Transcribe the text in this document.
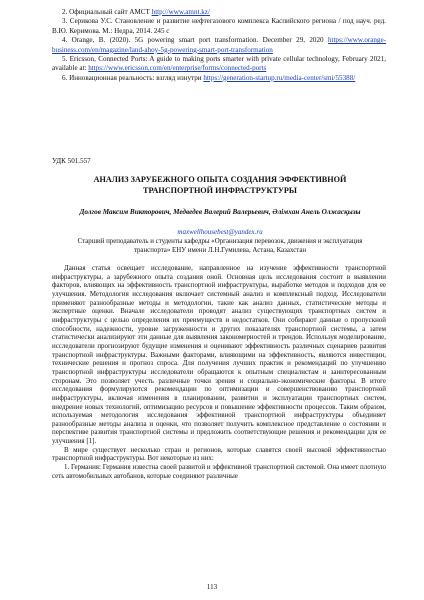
2. Официальный сайт АМСТ http://www.amnt.kz/

3. Серикова У.С. Становление и развитие нефтегазового комплекса Каспийского региона / под науч. ред. В.Ю. Керимова. М.: Недра, 2014. 245 с

4. Orange, B. (2020). 5G powering smart port transformation. December 29, 2020 https://www.orange-business.com/en/magazine/land-ahoy-5g-powering-smart-port-transformation

5. Ericsson, Connected Ports: A guide to making ports smarter with private cellular technology, February 2021, available at: https://www.ericsson.com/en/enterprise/forms/connected-ports

6. Инновационная реальность: взгляд изнутри https://generation-startup.ru/media-center/smi/55388/

УДК 501.557
АНАЛИЗ ЗАРУБЕЖНОГО ОПЫТА СОЗДАНИЯ ЭФФЕКТИВНОЙ ТРАНСПОРТНОЙ ИНФРАСТРУКТУРЫ
Долгов Максим Викторович, Медведев Валерий Валерьевич, Әлімхан Анель Олжасқызы
maxwellhousebest@yandex.ru
Старший преподаватель и студенты кафедры «Организация перевозок, движения и эксплуатация транспорта» ЕНУ имени Л.Н.Гумилева, Астана, Казахстан

Данная статья освещает исследование, направленное на изучение эффективности транспортной инфраструктуры, а зарубежного опыта создания оной. Основная цель исследования состоит в выявлении факторов, влияющих на эффективность транспортной инфраструктуры, выработке методов и подходов для ее улучшения. Методология исследования включает системный анализ и комплексный подход. Исследователи применяют разнообразные методы и методологии, такие как анализ данных, статистические методы и экспертные оценки. Вначале исследователи проводят анализ существующих транспортных систем и инфраструктуры с целью определения их преимуществ и недостатков. Они собирают данные о пропускной способности, надежности, уровне загруженности и других показателях транспортной системы, а затем статистически анализируют эти данные для выявления закономерностей и трендов. Используя моделирование, исследователи прогнозируют будущие изменения и оценивают эффективность различных сценариев развития транспортной инфраструктуры. Важными факторами, влияющими на эффективность, являются инвестиции, технические решения и прогноз спроса. Для получения лучших практик и рекомендаций по улучшению транспортной инфраструктуры исследователи обращаются к опытным специалистам и заинтересованным сторонам. Это позволяет учесть различные точки зрения и социально-экономические факторы. В итоге исследования формулируются рекомендации по оптимизации и совершенствованию транспортной инфраструктуры, включая изменения в планировании, развитии и эксплуатации транспортных систем, внедрение новых технологий, оптимизацию ресурсов и повышение эффективности процессов. Таким образом, используемая методология исследования эффективной транспортной инфраструктуры объединяет разнообразные методы анализа и оценки, что позволяет получить комплексное представление о состоянии и перспективе развития транспортной системы и предложить соответствующие решения и рекомендации для ее улучшения [1].

В мире существует несколько стран и регионов, которые славятся своей высокой эффективностью транспортной инфраструктуры. Вот некоторые из них:

1. Германия: Германия известна своей развитой и эффективной транспортной системой. Она имеет плотную сеть автомобильных автобанов, которые соединяют различные

113
